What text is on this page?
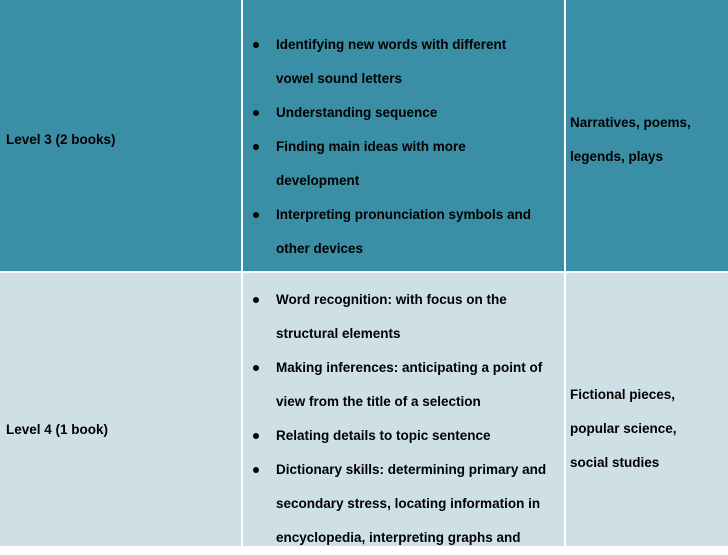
Level 3 (2 books)
Identifying new words with different
vowel sound letters
Understanding sequence
Finding main ideas with more
development
Interpreting pronunciation symbols and
other devices
Narratives, poems,
legends, plays
Level 4 (1 book)
Word recognition: with focus on the
structural elements
Making inferences: anticipating a point of
view from the title of a selection
Relating details to topic sentence
Dictionary skills: determining primary and
secondary stress, locating information in
encyclopedia, interpreting graphs and
Fictional pieces,
popular science,
social studies
